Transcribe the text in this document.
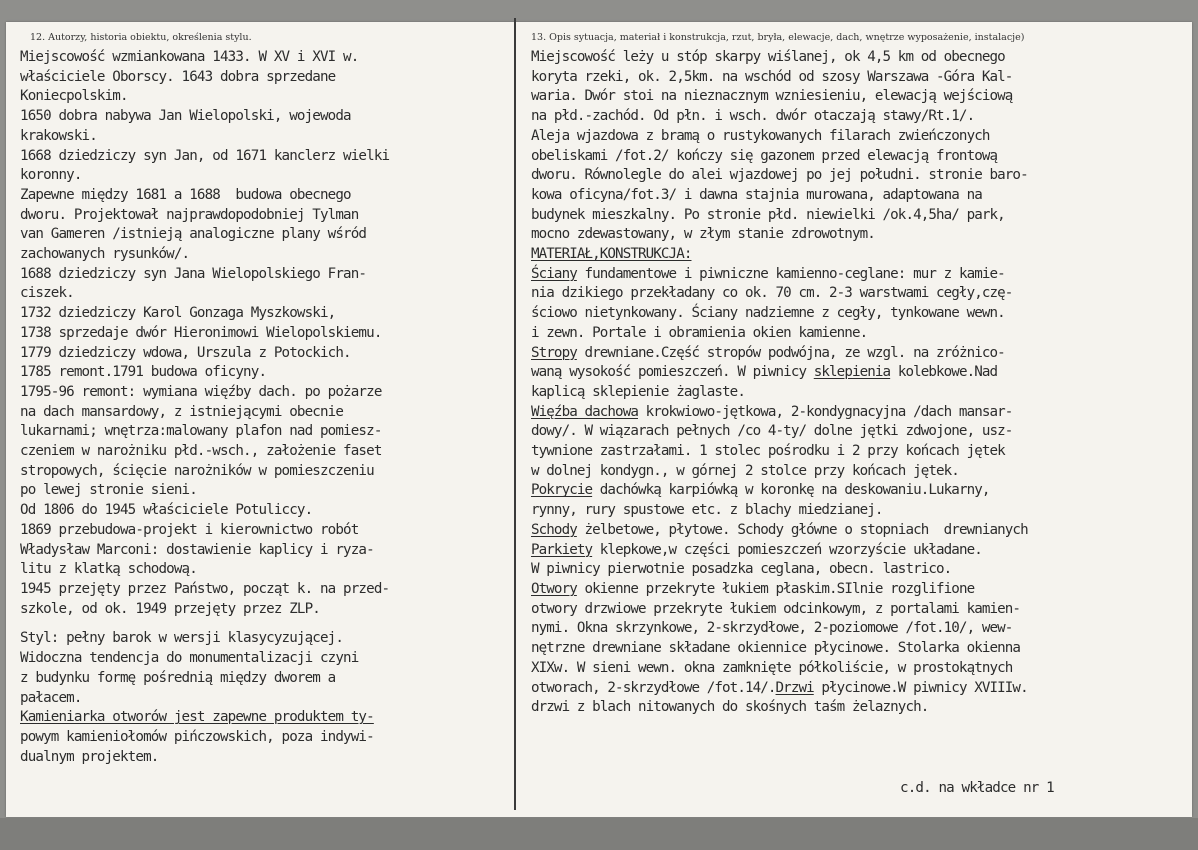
12. Autorzy, historia obiektu, określenia stylu.
Miejscowość wzmiankowana 1433. W XV i XVI w.
właściciele Oborscy. 1643 dobra sprzedane
Koniecpolskim.
1650 dobra nabywa Jan Wielopolski, wojewoda
krakowski.
1668 dziedziczy syn Jan, od 1671 kanclerz wielki
koronny.
Zapewne między 1681 a 1688  budowa obecnego
dworu. Projektował najprawdopodobniej Tylman
van Gameren /istnieją analogiczne plany wśród
zachowanych rysunków/.
1688 dziedziczy syn Jana Wielopolskiego Fran-
ciszek.
1732 dziedziczy Karol Gonzaga Myszkowski,
1738 sprzedaje dwór Hieronimowi Wielopolskiemu.
1779 dziedziczy wdowa, Urszula z Potockich.
1785 remont.1791 budowa oficyny.
1795-96 remont: wymiana więźby dach. po pożarze
na dach mansardowy, z istniejącymi obecnie
lukarnami; wnętrza:malowany plafon nad pomiesz-
czeniem w narożniku płd.-wsch., założenie faset
stropowych, ścięcie narożników w pomieszczeniu
po lewej stronie sieni.
Od 1806 do 1945 właściciele Potuliccy.
1869 przebudowa-projekt i kierownictwo robót
Władysław Marconi: dostawienie kaplicy i ryza-
litu z klatką schodową.
1945 przejęty przez Państwo, począt k. na przed-
szkole, od ok. 1949 przejęty przez ZLP.
Styl: pełny barok w wersji klasycyzującej.
Widoczna tendencja do monumentalizacji czyni
z budynku formę pośrednią między dworem a
pałacem.
Kamieniarka otworów jest zapewne produktem ty-
powym kamieniołomów pińczowskich, poza indywi-
dualnym projektem.
13. Opis sytuacja, materiał i konstrukcja, rzut, bryła, elewacje, dach, wnętrze wyposażenie, instalacje)
Miejscowość leży u stóp skarpy wiślanej, ok 4,5 km od obecnego
koryta rzeki, ok. 2,5km. na wschód od szosy Warszawa -Góra Kal-
waria. Dwór stoi na nieznacznym wzniesieniu, elewacją wejściową
na płd.-zachód. Od płn. i wsch. dwór otaczają stawy/Rt.1/.
Aleja wjazdowa z bramą o rustykowanych filarach zwieńczonych
obeliskami /fot.2/ kończy się gazonem przed elewacją frontową
dworu. Równolegle do alei wjazdowej po jej południ. stronie baro-
kowa oficyna/fot.3/ i dawna stajnia murowana, adaptowana na
budynek mieszkalny. Po stronie płd. niewielki /ok.4,5ha/ park,
mocno zdewastowany, w złym stanie zdrowotnym.
MATERIAŁ,KONSTRUKCJA:
Ściany fundamentowe i piwniczne kamienno-ceglane: mur z kamie-
nia dzikiego przekładany co ok. 70 cm. 2-3 warstwami cegły,czę-
ściowo nietynkowany. Ściany nadziemne z cegły, tynkowane wewn.
i zewn. Portale i obramienia okien kamienne.
Stropy drewniane.Część stropów podwójna, ze wzgl. na zróżnico-
waną wysokość pomieszczeń. W piwnicy sklepienia kolebkowe.Nad
kaplicą sklepienie żaglaste.
Więźba dachowa krokwiowo-jętkowa, 2-kondygnacyjna /dach mansar-
dowy/. W wiązarach pełnych /co 4-ty/ dolne jętki zdwojone, usz-
tywnione zastrzałami. 1 stolec pośrodku i 2 przy końcach jętek
w dolnej kondygn., w górnej 2 stolce przy końcach jętek.
Pokrycie dachówką karpiówką w koronkę na deskowaniu.Lukarny,
rynny, rury spustowe etc. z blachy miedzianej.
Schody żelbetowe, płytowe. Schody główne o stopniach  drewnianych
Parkiety klepkowe,w części pomieszczeń wzorzyście układane.
W piwnicy pierwotnie posadzka ceglana, obecn. lastrico.
Otwory okienne przekryte łukiem płaskim.SIlnie rozglifione
otwory drzwiowe przekryte łukiem odcinkowym, z portalami kamien-
nymi. Okna skrzynkowe, 2-skrzydłowe, 2-poziomowe /fot.10/, wew-
nętrzne drewniane składane okiennice płycinowe. Stolarka okienna
XIXw. W sieni wewn. okna zamknięte półkoliście, w prostokątnych
otworach, 2-skrzydłowe /fot.14/.Drzwi płycinowe.W piwnicy XVIIIw.
drzwi z blach nitowanych do skośnych taśm żelaznych.
c.d. na wkładce nr 1
